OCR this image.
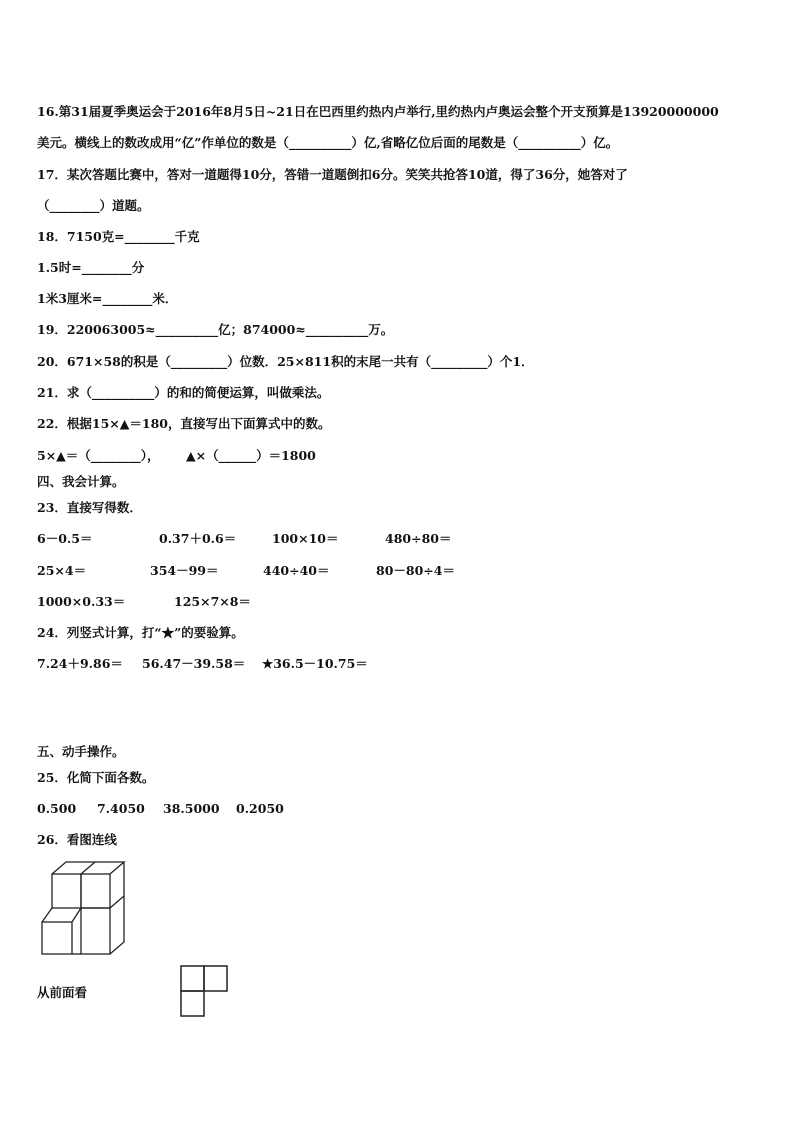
16.第31届夏季奥运会于2016年8月5日~21日在巴西里约热内卢举行,里约热内卢奥运会整个开支预算是13920000000
美元。横线上的数改成用“亿”作单位的数是（__________）亿,省略亿位后面的尾数是（__________）亿。
17．某次答题比赛中，答对一道题得10分，答错一道题倒扣6分。笑笑共抢答10道，得了36分，她答对了
（________）道题。
18．7150克=________千克
1.5时=________分
1米3厘米=________米．
19．220063005≈__________亿；874000≈__________万。
20．671×58的积是（_________）位数．25×811积的末尾一共有（_________）个1．
21．求（__________）的和的简便运算，叫做乘法。
22．根据15×▲＝180，直接写出下面算式中的数。
5×▲＝（________）， ▲×（______）＝1800
四、我会计算。
23．直接写得数．
6－0.5＝	0.37＋0.6＝	100×10＝	480÷80＝
25×4＝	354－99＝	440÷40＝	80－80÷4＝
1000×0.33＝	125×7×8＝
24．列竖式计算，打“★”的要验算。
7.24＋9.86＝ 56.47－39.58＝ ★36.5－10.75＝
五、动手操作。
25．化简下面各数。
0.500 7.4050 38.5000 0.2050
26．看图连线
从前面看
